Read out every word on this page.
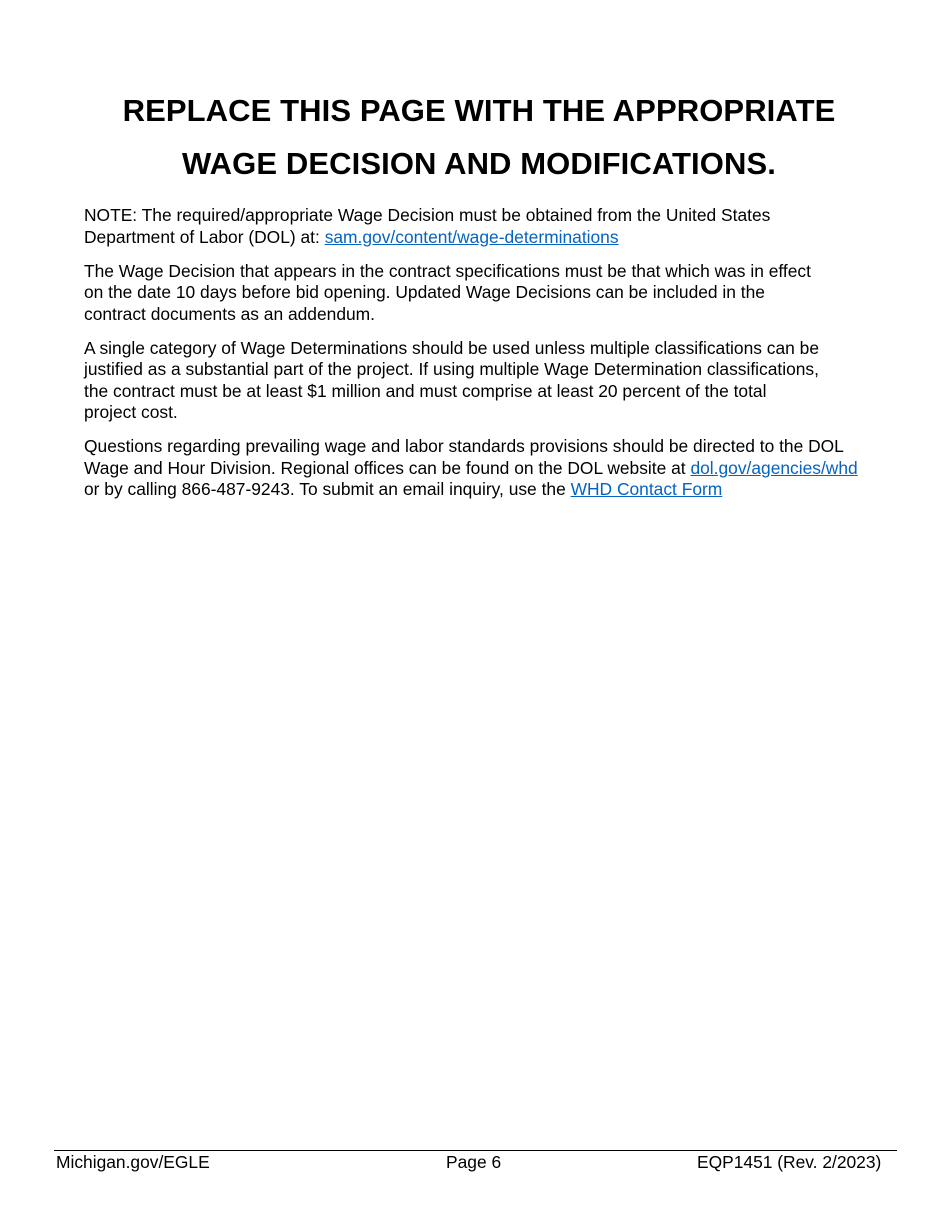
REPLACE THIS PAGE WITH THE APPROPRIATE
WAGE DECISION AND MODIFICATIONS.

NOTE: The required/appropriate Wage Decision must be obtained from the United States
Department of Labor (DOL) at: sam.gov/content/wage-determinations

The Wage Decision that appears in the contract specifications must be that which was in effect
on the date 10 days before bid opening. Updated Wage Decisions can be included in the
contract documents as an addendum.

A single category of Wage Determinations should be used unless multiple classifications can be
justified as a substantial part of the project. If using multiple Wage Determination classifications,
the contract must be at least $1 million and must comprise at least 20 percent of the total
project cost.

Questions regarding prevailing wage and labor standards provisions should be directed to the DOL
Wage and Hour Division. Regional offices can be found on the DOL website at dol.gov/agencies/whd
or by calling 866-487-9243. To submit an email inquiry, use the WHD Contact Form

Michigan.gov/EGLE	Page 6	EQP1451 (Rev. 2/2023)
